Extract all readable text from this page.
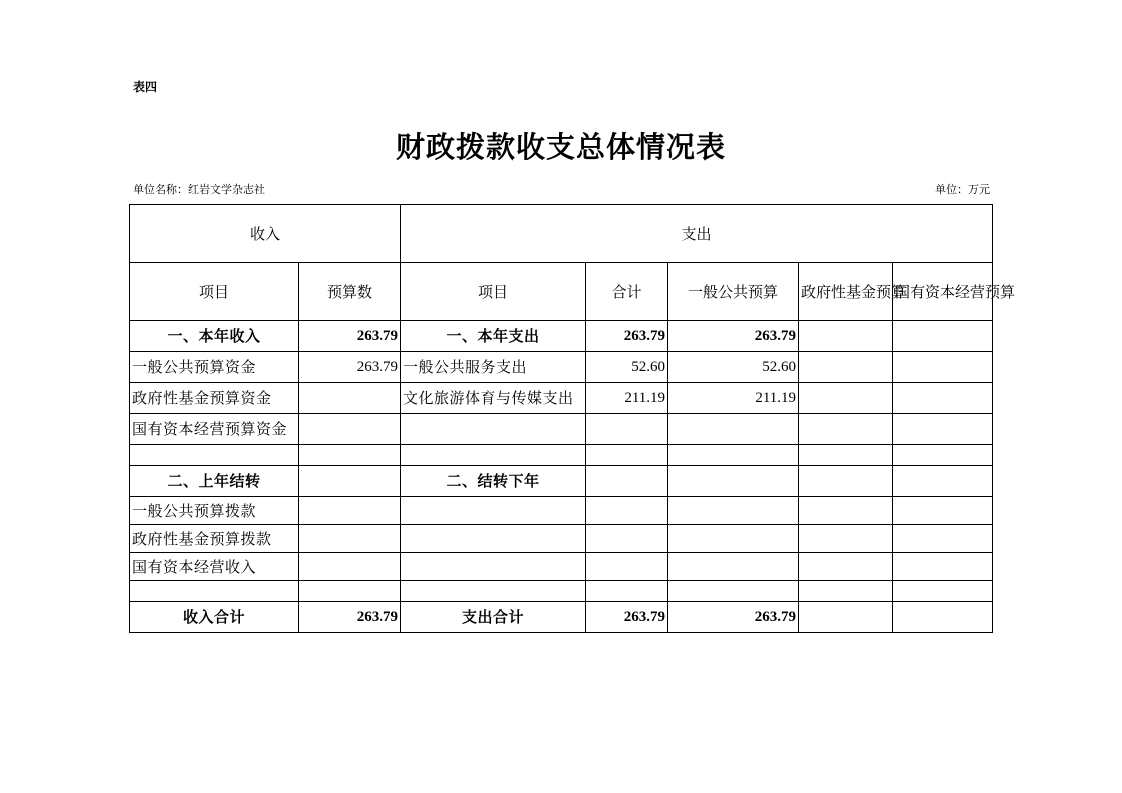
表四
财政拨款收支总体情况表
单位名称：红岩文学杂志社	单位：万元
收入		支出				
项目	预算数	项目	合计	一般公共预算	政府性基金预算	国有资本经营预算
一、本年收入	263.79	一、本年支出	263.79	263.79		
一般公共预算资金	263.79	一般公共服务支出	52.60	52.60		
政府性基金预算资金		文化旅游体育与传媒支出	211.19	211.19		
国有资本经营预算资金						

二、上年结转		二、结转下年				
一般公共预算拨款						
政府性基金预算拨款						
国有资本经营收入						

收入合计	263.79	支出合计	263.79	263.79		
